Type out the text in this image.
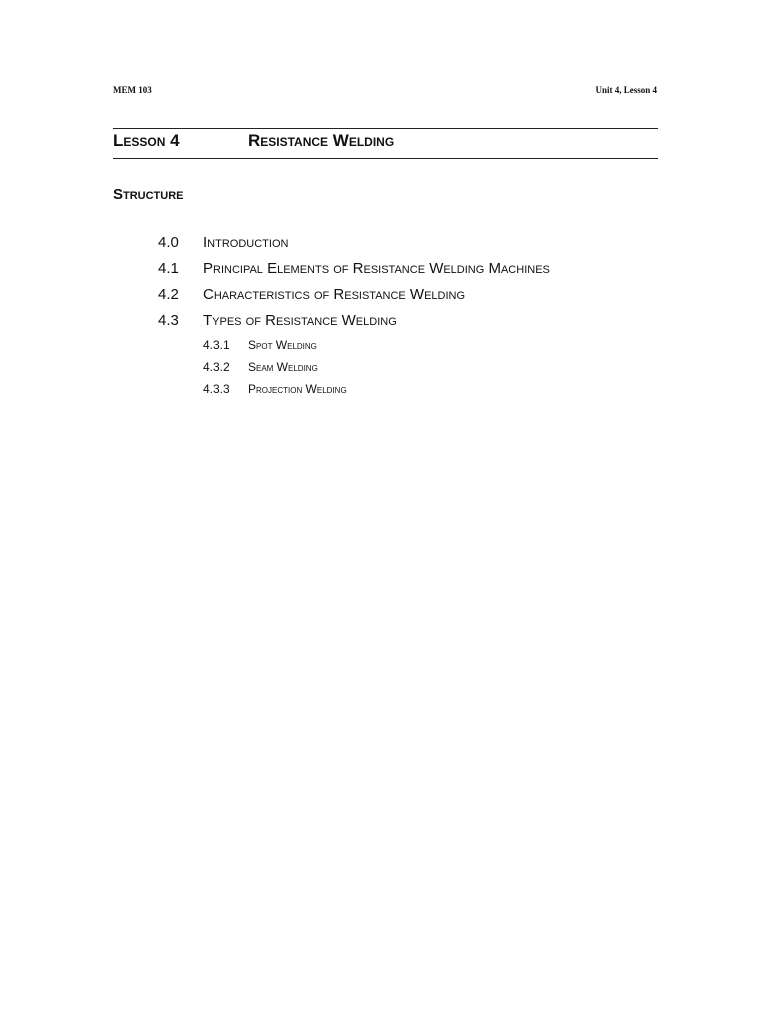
MEM 103	Unit 4, Lesson 4
Lesson 4	Resistance Welding
Structure
4.0 Introduction
4.1 Principal Elements of Resistance Welding Machines
4.2 Characteristics of Resistance Welding
4.3 Types of Resistance Welding
4.3.1 Spot Welding
4.3.2 Seam Welding
4.3.3 Projection Welding
